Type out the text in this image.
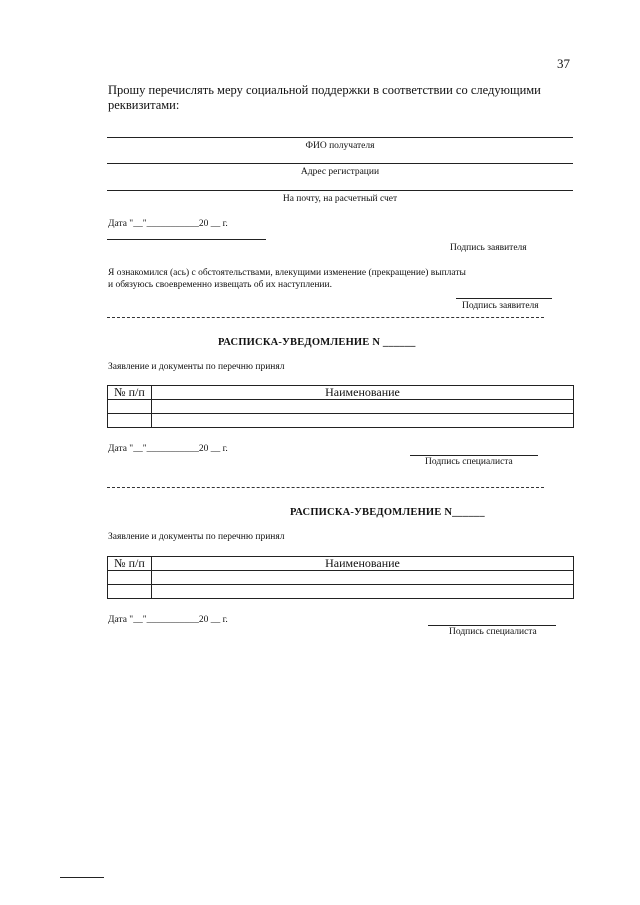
37
Прошу перечислять меру социальной поддержки в соответствии со следующими реквизитами:
ФИО получателя
Адрес регистрации
На почту, на расчетный счет
Дата "__"___________20 __ г.
Подпись заявителя
Я ознакомился (ась) с обстоятельствами, влекущими изменение (прекращение) выплаты и обязуюсь своевременно извещать об их наступлении.
Подпись заявителя
РАСПИСКА-УВЕДОМЛЕНИЕ N ______
Заявление и документы по перечню принял
№ п/п	Наименование

Дата "__"___________20 __ г.
Подпись специалиста
РАСПИСКА-УВЕДОМЛЕНИЕ N______
Заявление и документы по перечню принял
№ п/п	Наименование

Дата "__"___________20 __ г.
Подпись специалиста
